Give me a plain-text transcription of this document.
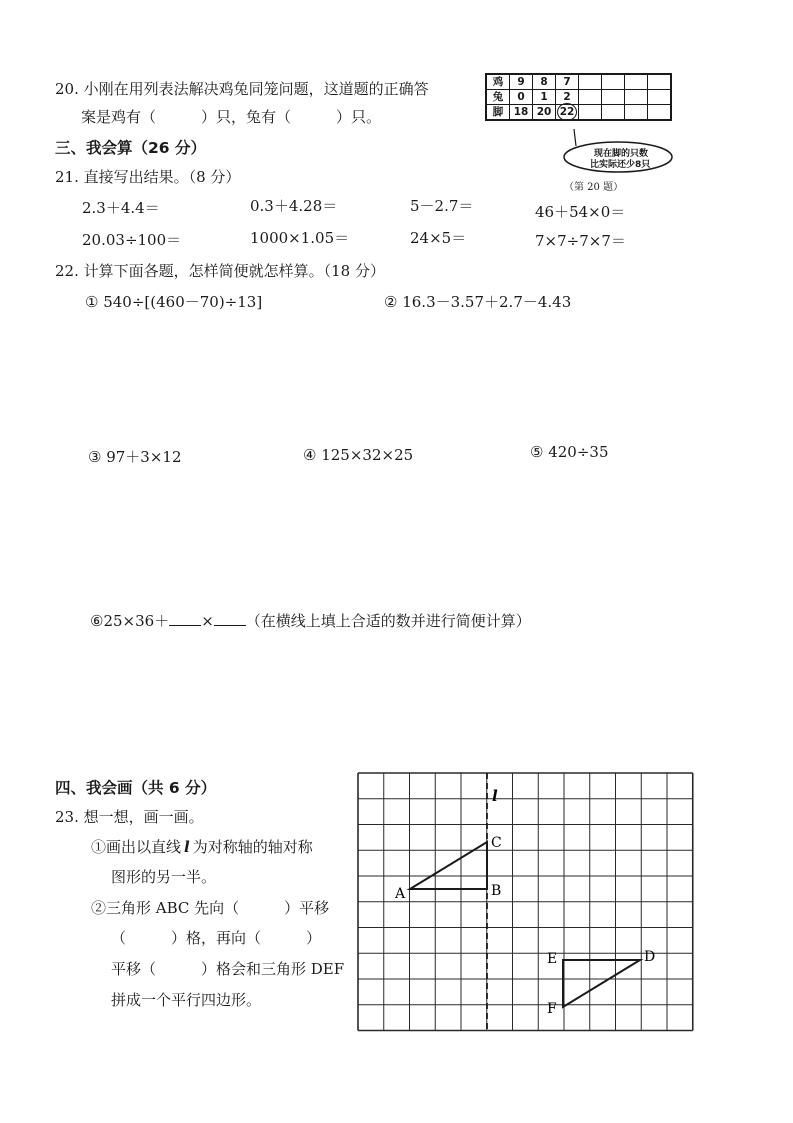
20. 小刚在用列表法解决鸡兔同笼问题，这道题的正确答
案是鸡有（　　　）只，兔有（　　　）只。
鸡	9	8	7				
兔	0	1	2				
脚	18	20	22

现在脚的只数
比实际还少8只
（第 20 题）
三、我会算（26 分）
21. 直接写出结果。（8 分）
2.3＋4.4＝	0.3＋4.28＝	5－2.7＝	46＋54×0＝
20.03÷100＝	1000×1.05＝	24×5＝	7×7÷7×7＝
22. 计算下面各题，怎样简便就怎样算。（18 分）
① 540÷[(460－70)÷13]	② 16.3－3.57＋2.7－4.43
③ 97＋3×12	④ 125×32×25	⑤ 420÷35
⑥25×36＋ × （在横线上填上合适的数并进行简便计算）
四、我会画（共 6 分）
23. 想一想，画一画。
①画出以直线 l 为对称轴的轴对称
图形的另一半。
②三角形 ABC 先向（　　　）平移
（　　　）格，再向（　　　）
平移（　　　）格会和三角形 DEF
拼成一个平行四边形。
l
A	B
C
D
E
F
